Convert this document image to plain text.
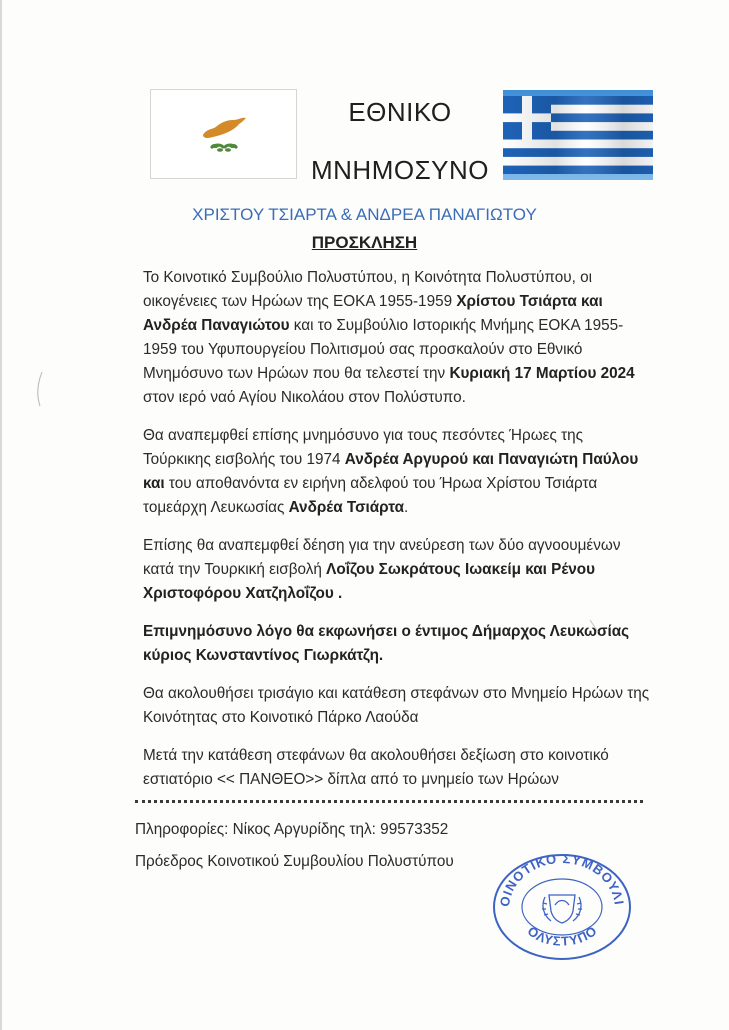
ΕΘΝΙΚΟ
ΜΝΗΜΟΣΥΝΟ
ΧΡΙΣΤΟΥ ΤΣΙΑΡΤΑ & ΑΝΔΡΕΑ ΠΑΝΑΓΙΩΤΟΥ
ΠΡΟΣΚΛΗΣΗ

Το Κοινοτικό Συμβούλιο Πολυστύπου, η Κοινότητα Πολυστύπου, οι οικογένειες των Ηρώων της ΕΟΚΑ 1955-1959 Χρίστου Τσιάρτα και Ανδρέα Παναγιώτου και το Συμβούλιο Ιστορικής Μνήμης ΕΟΚΑ 1955-1959 του Υφυπουργείου Πολιτισμού σας προσκαλούν στο Εθνικό Μνημόσυνο των Ηρώων που θα τελεστεί την Κυριακή 17 Μαρτίου 2024 στον ιερό ναό Αγίου Νικολάου στον Πολύστυπο.

Θα αναπεμφθεί επίσης μνημόσυνο για τους πεσόντες Ήρωες της Τούρκικης εισβολής του 1974 Ανδρέα Αργυρού και Παναγιώτη Παύλου και του αποθανόντα εν ειρήνη αδελφού του Ήρωα Χρίστου Τσιάρτα τομεάρχη Λευκωσίας Ανδρέα Τσιάρτα.

Επίσης θα αναπεμφθεί δέηση για την ανεύρεση των δύο αγνοουμένων κατά την Τουρκική εισβολή Λοΐζου Σωκράτους Ιωακείμ και Ρένου Χριστοφόρου Χατζηλοΐζου .

Επιμνημόσυνο λόγο θα εκφωνήσει ο έντιμος Δήμαρχος Λευκωσίας κύριος Κωνσταντίνος Γιωρκάτζη.

Θα ακολουθήσει τρισάγιο και κατάθεση στεφάνων στο Μνημείο Ηρώων της Κοινότητας στο Κοινοτικό Πάρκο Λαούδα

Μετά την κατάθεση στεφάνων θα ακολουθήσει δεξίωση στο κοινοτικό εστιατόριο << ΠΑΝΘΕΟ>> δίπλα από το μνημείο των Ηρώων

Πληροφορίες: Νίκος Αργυρίδης τηλ: 99573352
Πρόεδρος Κοινοτικού Συμβουλίου Πολυστύπου
ΟΙΝΟΤΙΚΟ ΣΥΜΒΟΥΛΙ
ΟΛΥΣΤΥΠΟ
